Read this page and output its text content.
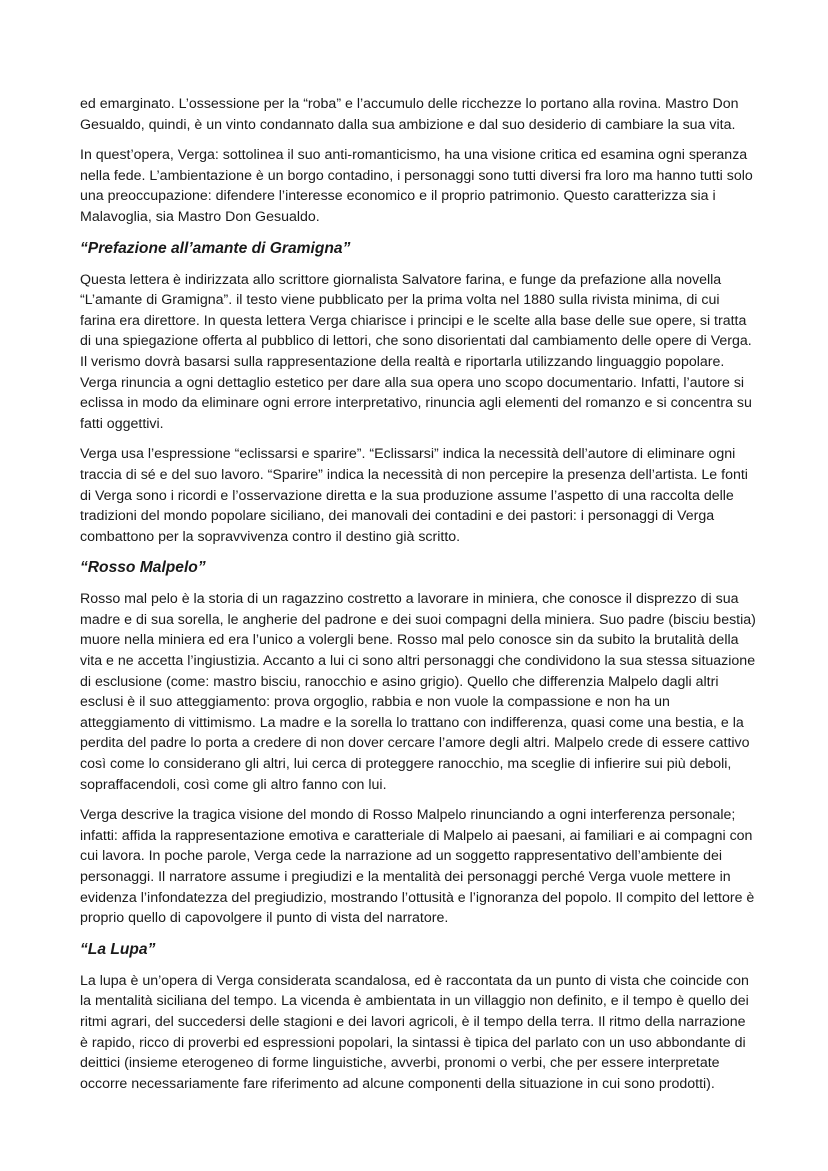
ed emarginato. L’ossessione per la “roba” e l’accumulo delle ricchezze lo portano alla rovina. Mastro Don Gesualdo, quindi, è un vinto condannato dalla sua ambizione e dal suo desiderio di cambiare la sua vita.

In quest’opera, Verga: sottolinea il suo anti-romanticismo, ha una visione critica ed esamina ogni speranza nella fede. L’ambientazione è un borgo contadino, i personaggi sono tutti diversi fra loro ma hanno tutti solo una preoccupazione: difendere l’interesse economico e il proprio patrimonio. Questo caratterizza sia i Malavoglia, sia Mastro Don Gesualdo.

“Prefazione all’amante di Gramigna”

Questa lettera è indirizzata allo scrittore giornalista Salvatore farina, e funge da prefazione alla novella “L’amante di Gramigna”. il testo viene pubblicato per la prima volta nel 1880 sulla rivista minima, di cui farina era direttore. In questa lettera Verga chiarisce i principi e le scelte alla base delle sue opere, si tratta di una spiegazione offerta al pubblico di lettori, che sono disorientati dal cambiamento delle opere di Verga. Il verismo dovrà basarsi sulla rappresentazione della realtà e riportarla utilizzando linguaggio popolare. Verga rinuncia a ogni dettaglio estetico per dare alla sua opera uno scopo documentario. Infatti, l’autore si eclissa in modo da eliminare ogni errore interpretativo, rinuncia agli elementi del romanzo e si concentra su fatti oggettivi.

Verga usa l’espressione “eclissarsi e sparire”. “Eclissarsi” indica la necessità dell’autore di eliminare ogni traccia di sé e del suo lavoro. “Sparire” indica la necessità di non percepire la presenza dell’artista. Le fonti di Verga sono i ricordi e l’osservazione diretta e la sua produzione assume l’aspetto di una raccolta delle tradizioni del mondo popolare siciliano, dei manovali dei contadini e dei pastori: i personaggi di Verga combattono per la sopravvivenza contro il destino già scritto.

“Rosso Malpelo”

Rosso mal pelo è la storia di un ragazzino costretto a lavorare in miniera, che conosce il disprezzo di sua madre e di sua sorella, le angherie del padrone e dei suoi compagni della miniera. Suo padre (bisciu bestia) muore nella miniera ed era l’unico a volergli bene. Rosso mal pelo conosce sin da subito la brutalità della vita e ne accetta l’ingiustizia. Accanto a lui ci sono altri personaggi che condividono la sua stessa situazione di esclusione (come: mastro bisciu, ranocchio e asino grigio). Quello che differenzia Malpelo dagli altri esclusi è il suo atteggiamento: prova orgoglio, rabbia e non vuole la compassione e non ha un atteggiamento di vittimismo. La madre e la sorella lo trattano con indifferenza, quasi come una bestia, e la perdita del padre lo porta a credere di non dover cercare l’amore degli altri. Malpelo crede di essere cattivo così come lo considerano gli altri, lui cerca di proteggere ranocchio, ma sceglie di infierire sui più deboli, sopraffacendoli, così come gli altro fanno con lui.

Verga descrive la tragica visione del mondo di Rosso Malpelo rinunciando a ogni interferenza personale; infatti: affida la rappresentazione emotiva e caratteriale di Malpelo ai paesani, ai familiari e ai compagni con cui lavora. In poche parole, Verga cede la narrazione ad un soggetto rappresentativo dell’ambiente dei personaggi. Il narratore assume i pregiudizi e la mentalità dei personaggi perché Verga vuole mettere in evidenza l’infondatezza del pregiudizio, mostrando l’ottusità e l’ignoranza del popolo. Il compito del lettore è proprio quello di capovolgere il punto di vista del narratore.

“La Lupa”

La lupa è un’opera di Verga considerata scandalosa, ed è raccontata da un punto di vista che coincide con la mentalità siciliana del tempo. La vicenda è ambientata in un villaggio non definito, e il tempo è quello dei ritmi agrari, del succedersi delle stagioni e dei lavori agricoli, è il tempo della terra. Il ritmo della narrazione è rapido, ricco di proverbi ed espressioni popolari, la sintassi è tipica del parlato con un uso abbondante di deittici (insieme eterogeneo di forme linguistiche, avverbi, pronomi o verbi, che per essere interpretate occorre necessariamente fare riferimento ad alcune componenti della situazione in cui sono prodotti).
